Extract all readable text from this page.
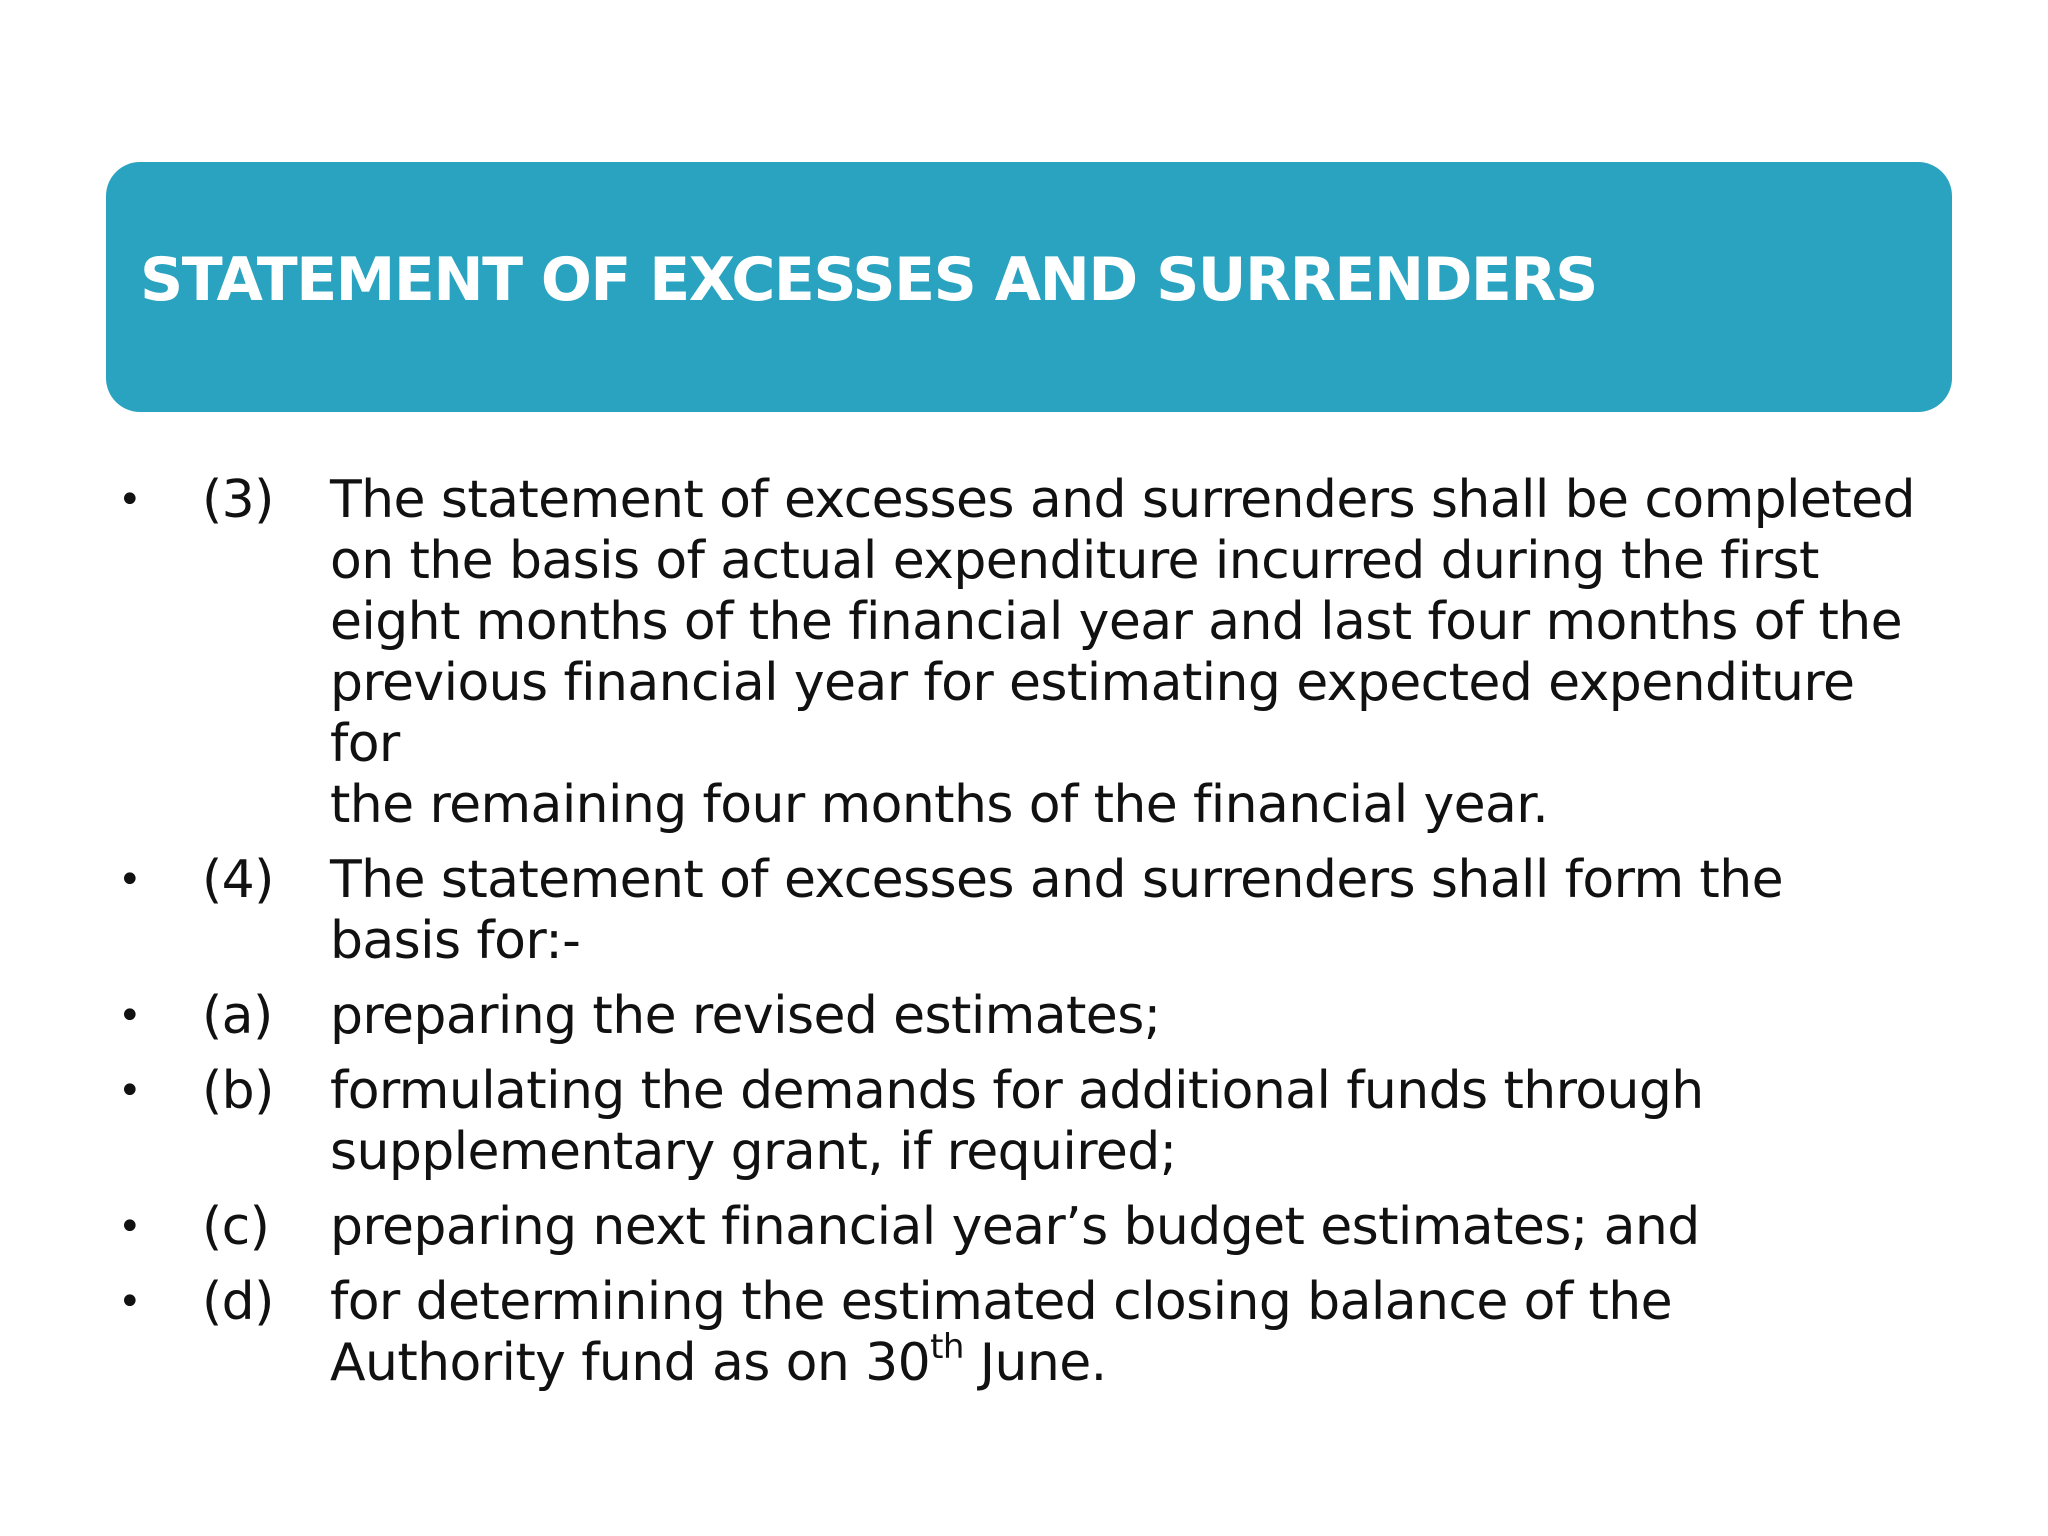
STATEMENT OF EXCESSES AND SURRENDERS
•	(3)	The statement of excesses and surrenders shall be completed
on the basis of actual expenditure incurred during the first
eight months of the financial year and last four months of the
previous financial year for estimating expected expenditure for
the remaining four months of the financial year.
•	(4)	The statement of excesses and surrenders shall form the
basis for:-
•	(a)	preparing the revised estimates;
•	(b)	formulating the demands for additional funds through
supplementary grant, if required;
•	(c)	preparing next financial year’s budget estimates; and
•	(d)	for determining the estimated closing balance of the
Authority fund as on 30th June.
